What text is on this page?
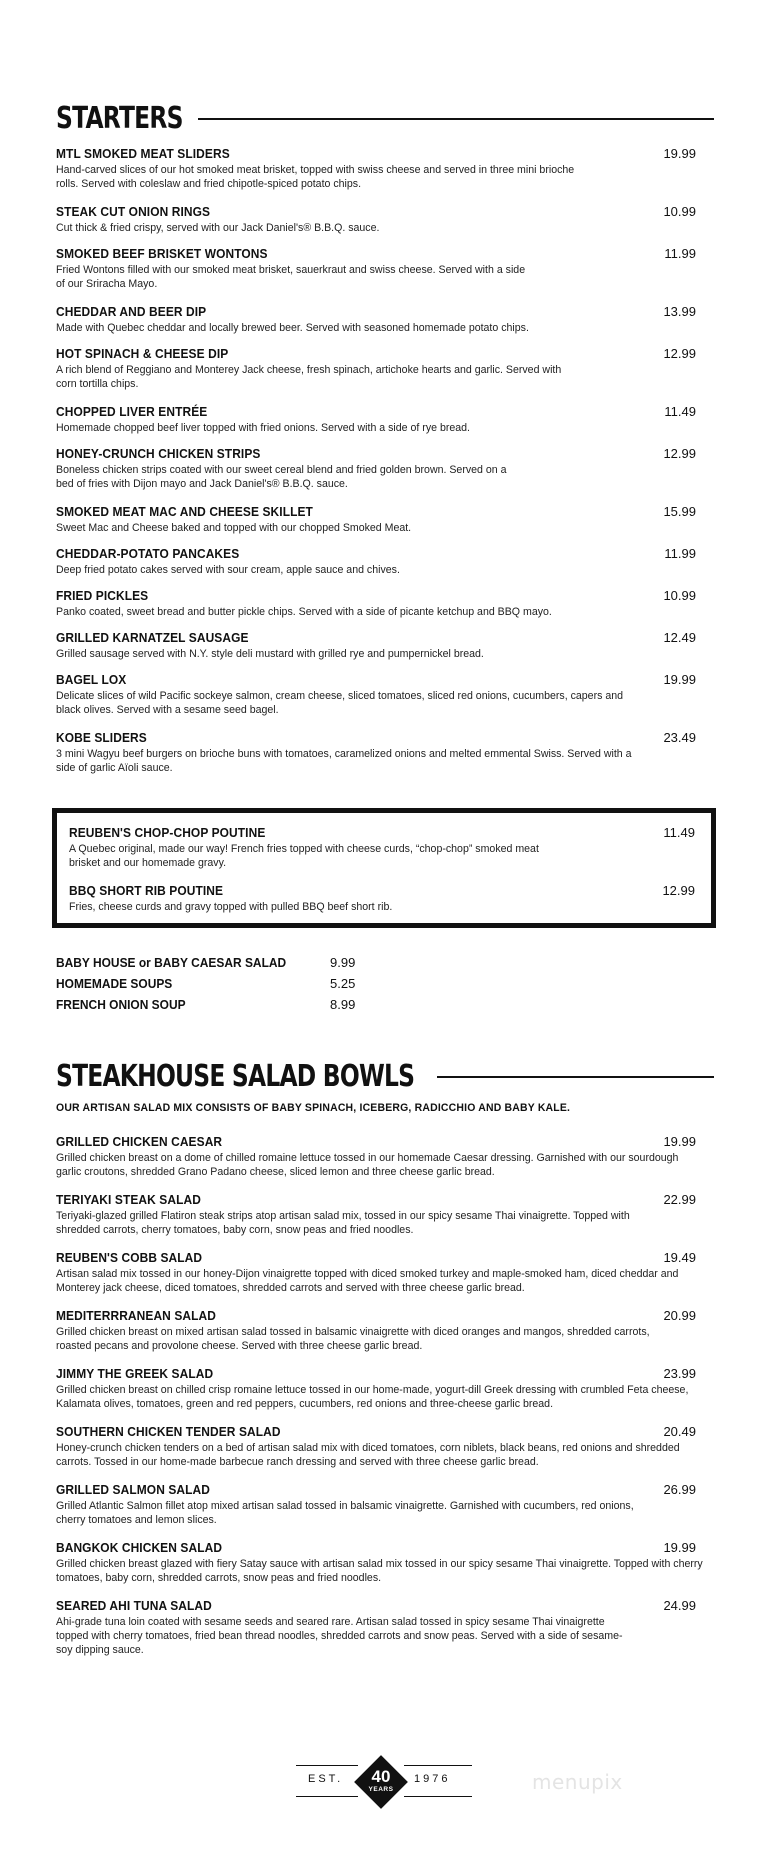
STARTERS
MTL SMOKED MEAT SLIDERS	19.99
Hand-carved slices of our hot smoked meat brisket, topped with swiss cheese and served in three mini brioche rolls. Served with coleslaw and fried chipotle-spiced potato chips.
STEAK CUT ONION RINGS	10.99
Cut thick & fried crispy, served with our Jack Daniel's® B.B.Q. sauce.
SMOKED BEEF BRISKET WONTONS	11.99
Fried Wontons filled with our smoked meat brisket, sauerkraut and swiss cheese. Served with a side of our Sriracha Mayo.
CHEDDAR AND BEER DIP	13.99
Made with Quebec cheddar and locally brewed beer. Served with seasoned homemade potato chips.
HOT SPINACH & CHEESE DIP	12.99
A rich blend of Reggiano and Monterey Jack cheese, fresh spinach, artichoke hearts and garlic. Served with corn tortilla chips.
CHOPPED LIVER ENTRÉE	11.49
Homemade chopped beef liver topped with fried onions. Served with a side of rye bread.
HONEY-CRUNCH CHICKEN STRIPS	12.99
Boneless chicken strips coated with our sweet cereal blend and fried golden brown. Served on a bed of fries with Dijon mayo and Jack Daniel's® B.B.Q. sauce.
SMOKED MEAT MAC AND CHEESE SKILLET	15.99
Sweet Mac and Cheese baked and topped with our chopped Smoked Meat.
CHEDDAR-POTATO PANCAKES	11.99
Deep fried potato cakes served with sour cream, apple sauce and chives.
FRIED PICKLES	10.99
Panko coated, sweet bread and butter pickle chips. Served with a side of picante ketchup and BBQ mayo.
GRILLED KARNATZEL SAUSAGE	12.49
Grilled sausage served with N.Y. style deli mustard with grilled rye and pumpernickel bread.
BAGEL LOX	19.99
Delicate slices of wild Pacific sockeye salmon, cream cheese, sliced tomatoes, sliced red onions, cucumbers, capers and black olives. Served with a sesame seed bagel.
KOBE SLIDERS	23.49
3 mini Wagyu beef burgers on brioche buns with tomatoes, caramelized onions and melted emmental Swiss. Served with a side of garlic Aïoli sauce.
REUBEN'S CHOP-CHOP POUTINE	11.49
A Quebec original, made our way! French fries topped with cheese curds, “chop-chop” smoked meat brisket and our homemade gravy.
BBQ SHORT RIB POUTINE	12.99
Fries, cheese curds and gravy topped with pulled BBQ beef short rib.
BABY HOUSE or BABY CAESAR SALAD	9.99
HOMEMADE SOUPS	5.25
FRENCH ONION SOUP	8.99
STEAKHOUSE SALAD BOWLS
OUR ARTISAN SALAD MIX CONSISTS OF BABY SPINACH, ICEBERG, RADICCHIO AND BABY KALE.
GRILLED CHICKEN CAESAR	19.99
Grilled chicken breast on a dome of chilled romaine lettuce tossed in our homemade Caesar dressing. Garnished with our sourdough garlic croutons, shredded Grano Padano cheese, sliced lemon and three cheese garlic bread.
TERIYAKI STEAK SALAD	22.99
Teriyaki-glazed grilled Flatiron steak strips atop artisan salad mix, tossed in our spicy sesame Thai vinaigrette. Topped with shredded carrots, cherry tomatoes, baby corn, snow peas and fried noodles.
REUBEN'S COBB SALAD	19.49
Artisan salad mix tossed in our honey-Dijon vinaigrette topped with diced smoked turkey and maple-smoked ham, diced cheddar and Monterey jack cheese, diced tomatoes, shredded carrots and served with three cheese garlic bread.
MEDITERRRANEAN SALAD	20.99
Grilled chicken breast on mixed artisan salad tossed in balsamic vinaigrette with diced oranges and mangos, shredded carrots, roasted pecans and provolone cheese. Served with three cheese garlic bread.
JIMMY THE GREEK SALAD	23.99
Grilled chicken breast on chilled crisp romaine lettuce tossed in our home-made, yogurt-dill Greek dressing with crumbled Feta cheese, Kalamata olives, tomatoes, green and red peppers, cucumbers, red onions and three-cheese garlic bread.
SOUTHERN CHICKEN TENDER SALAD	20.49
Honey-crunch chicken tenders on a bed of artisan salad mix with diced tomatoes, corn niblets, black beans, red onions and shredded carrots. Tossed in our home-made barbecue ranch dressing and served with three cheese garlic bread.
GRILLED SALMON SALAD	26.99
Grilled Atlantic Salmon fillet atop mixed artisan salad tossed in balsamic vinaigrette. Garnished with cucumbers, red onions, cherry tomatoes and lemon slices.
BANGKOK CHICKEN SALAD	19.99
Grilled chicken breast glazed with fiery Satay sauce with artisan salad mix tossed in our spicy sesame Thai vinaigrette. Topped with cherry tomatoes, baby corn, shredded carrots, snow peas and fried noodles.
SEARED AHI TUNA SALAD	24.99
Ahi-grade tuna loin coated with sesame seeds and seared rare. Artisan salad tossed in spicy sesame Thai vinaigrette topped with cherry tomatoes, fried bean thread noodles, shredded carrots and snow peas. Served with a side of sesame-soy dipping sauce.
EST.	40
YEARS
1976	menupix
